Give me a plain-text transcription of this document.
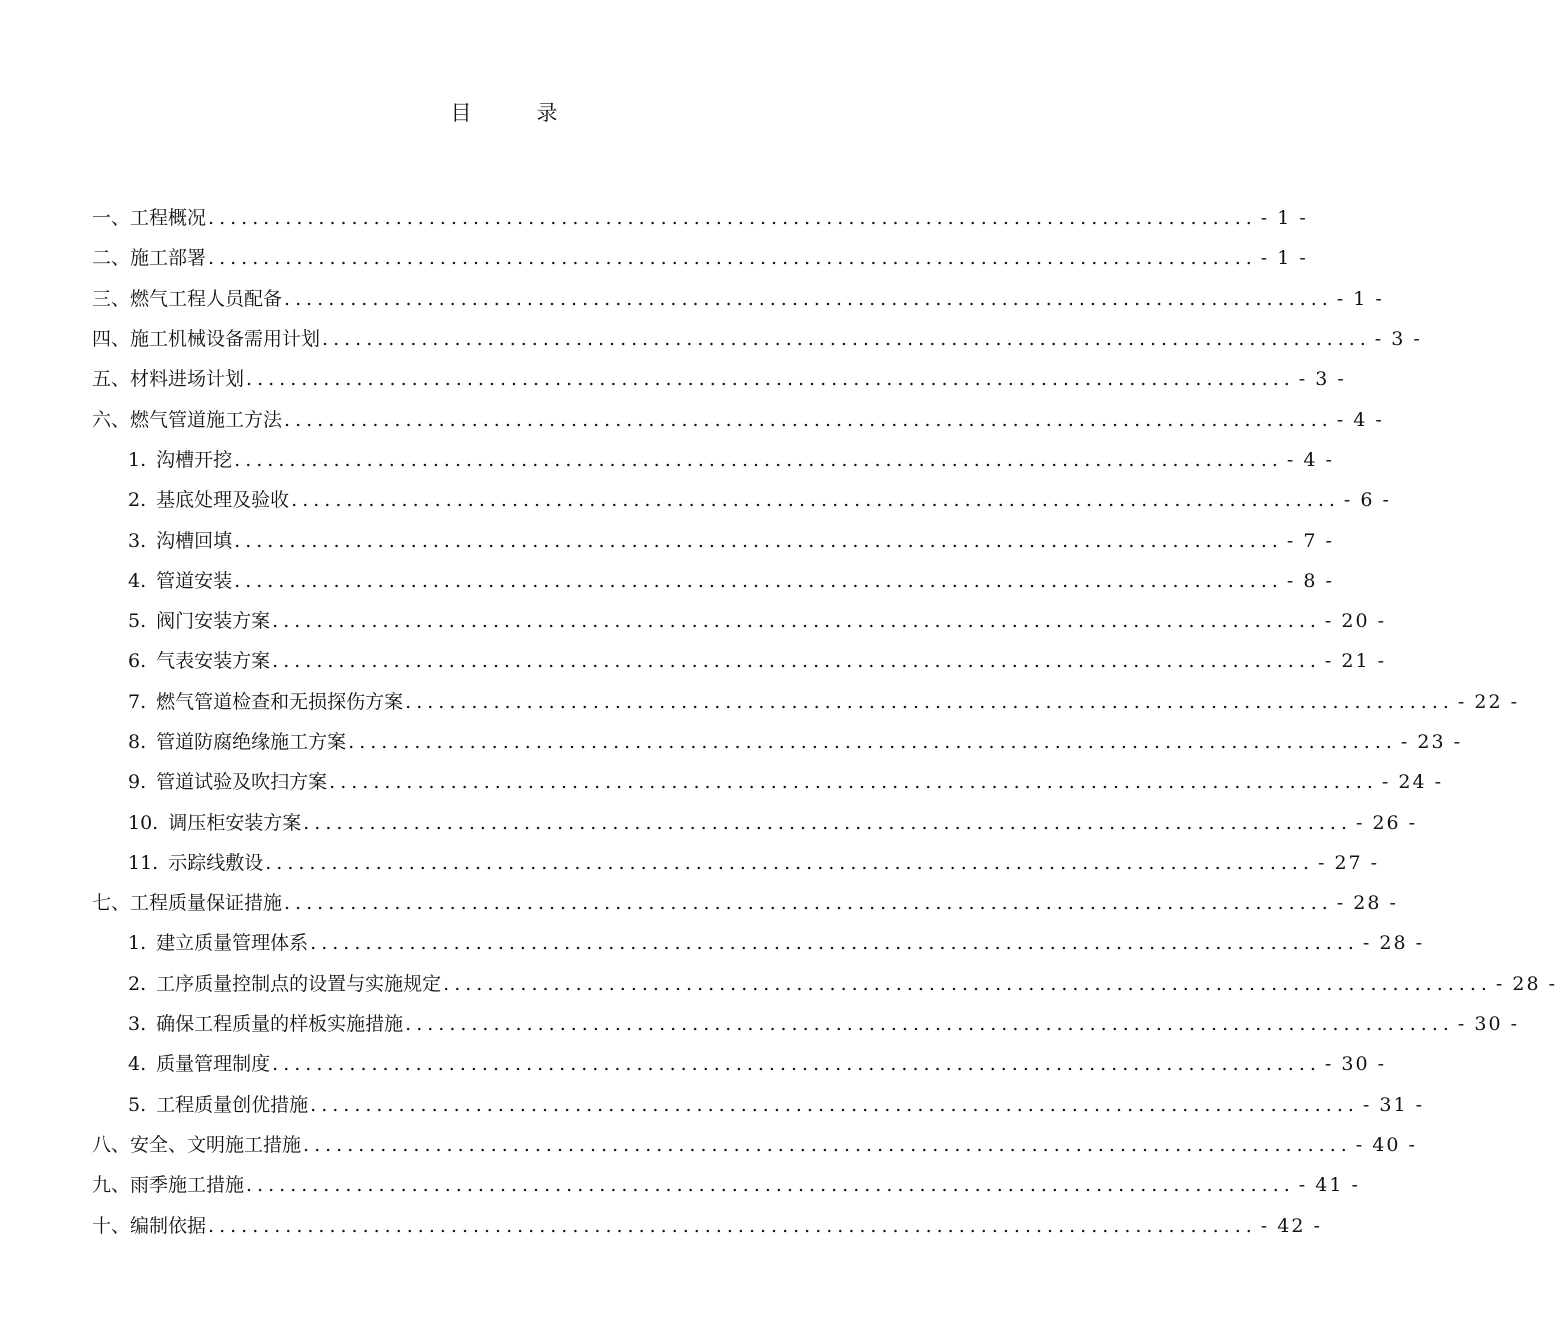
目　录
一、 工程概况 ............................................................................................... - 1 -
二、 施工部署 ............................................................................................... - 1 -
三、 燃气工程人员配备 ............................................................................................... - 1 -
四、 施工机械设备需用计划 ............................................................................................... - 3 -
五、 材料进场计划 ............................................................................................... - 3 -
六、 燃气管道施工方法 ............................................................................................... - 4 -
1. 沟槽开挖 ............................................................................................... - 4 -
2. 基底处理及验收 ............................................................................................... - 6 -
3. 沟槽回填 ............................................................................................... - 7 -
4. 管道安装 ............................................................................................... - 8 -
5. 阀门安装方案 ............................................................................................... - 20 -
6. 气表安装方案 ............................................................................................... - 21 -
7. 燃气管道检查和无损探伤方案 ............................................................................................... - 22 -
8. 管道防腐绝缘施工方案 ............................................................................................... - 23 -
9. 管道试验及吹扫方案 ............................................................................................... - 24 -
10. 调压柜安装方案 ............................................................................................... - 26 -
11. 示踪线敷设 ............................................................................................... - 27 -
七、 工程质量保证措施 ............................................................................................... - 28 -
1. 建立质量管理体系 ............................................................................................... - 28 -
2. 工序质量控制点的设置与实施规定 ............................................................................................... - 28 -
3. 确保工程质量的样板实施措施 ............................................................................................... - 30 -
4. 质量管理制度 ............................................................................................... - 30 -
5. 工程质量创优措施 ............................................................................................... - 31 -
八、 安全、文明施工措施 ............................................................................................... - 40 -
九、 雨季施工措施 ............................................................................................... - 41 -
十、 编制依据 ............................................................................................... - 42 -
